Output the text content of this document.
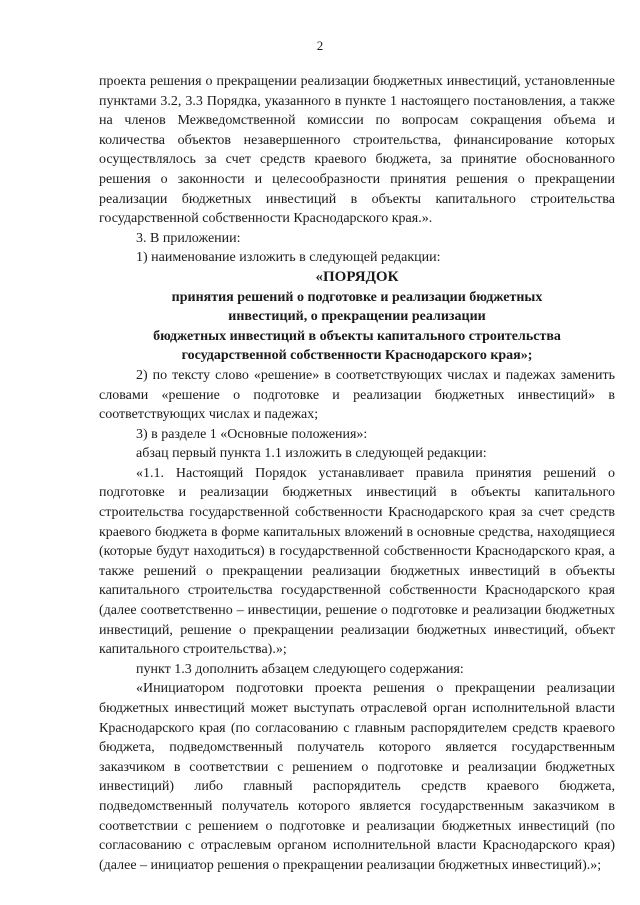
2

проекта решения о прекращении реализации бюджетных инвестиций, установленные пунктами 3.2, 3.3 Порядка, указанного в пункте 1 настоящего постановления, а также на членов Межведомственной комиссии по вопросам сокращения объема и количества объектов незавершенного строительства, финансирование которых осуществлялось за счет средств краевого бюджета, за принятие обоснованного решения о законности и целесообразности принятия решения о прекращении реализации бюджетных инвестиций в объекты капитального строительства государственной собственности Краснодарского края.».

3. В приложении:

1) наименование изложить в следующей редакции:

«ПОРЯДОК
принятия решений о подготовке и реализации бюджетных
инвестиций, о прекращении реализации
бюджетных инвестиций в объекты капитального строительства
государственной собственности Краснодарского края»;

2) по тексту слово «решение» в соответствующих числах и падежах заменить словами «решение о подготовке и реализации бюджетных инвестиций» в соответствующих числах и падежах;

3) в разделе 1 «Основные положения»:

абзац первый пункта 1.1 изложить в следующей редакции:

«1.1. Настоящий Порядок устанавливает правила принятия решений о подготовке и реализации бюджетных инвестиций в объекты капитального строительства государственной собственности Краснодарского края за счет средств краевого бюджета в форме капитальных вложений в основные средства, находящиеся (которые будут находиться) в государственной собственности Краснодарского края, а также решений о прекращении реализации бюджетных инвестиций в объекты капитального строительства государственной собственности Краснодарского края (далее соответственно – инвестиции, решение о подготовке и реализации бюджетных инвестиций, решение о прекращении реализации бюджетных инвестиций, объект капитального строительства).»;

пункт 1.3 дополнить абзацем следующего содержания:

«Инициатором подготовки проекта решения о прекращении реализации бюджетных инвестиций может выступать отраслевой орган исполнительной власти Краснодарского края (по согласованию с главным распорядителем средств краевого бюджета, подведомственный получатель которого является государственным заказчиком в соответствии с решением о подготовке и реализации бюджетных инвестиций) либо главный распорядитель средств краевого бюджета, подведомственный получатель которого является государственным заказчиком в соответствии с решением о подготовке и реализации бюджетных инвестиций (по согласованию с отраслевым органом исполнительной власти Краснодарского края) (далее – инициатор решения о прекращении реализации бюджетных инвестиций).»;
